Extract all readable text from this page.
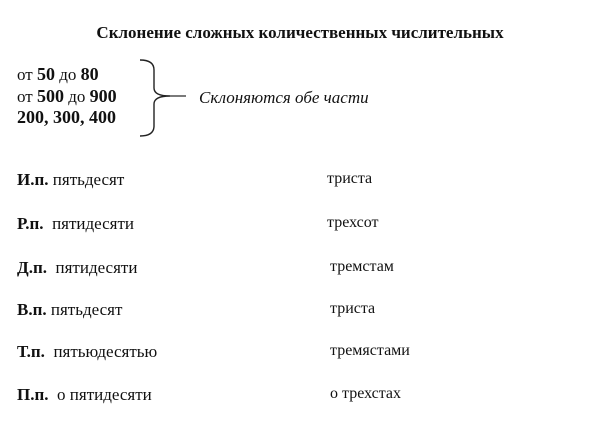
Склонение сложных количественных числительных
от 50 до 80
от 500 до 900
200, 300, 400
Склоняются обе части
И.п. пятьдесят	триста
Р.п. пятидесяти	трехсот
Д.п. пятидесяти	тремстам
В.п. пятьдесят	триста
Т.п. пятьюдесятью	тремястами
П.п. о пятидесяти	о трехстах
